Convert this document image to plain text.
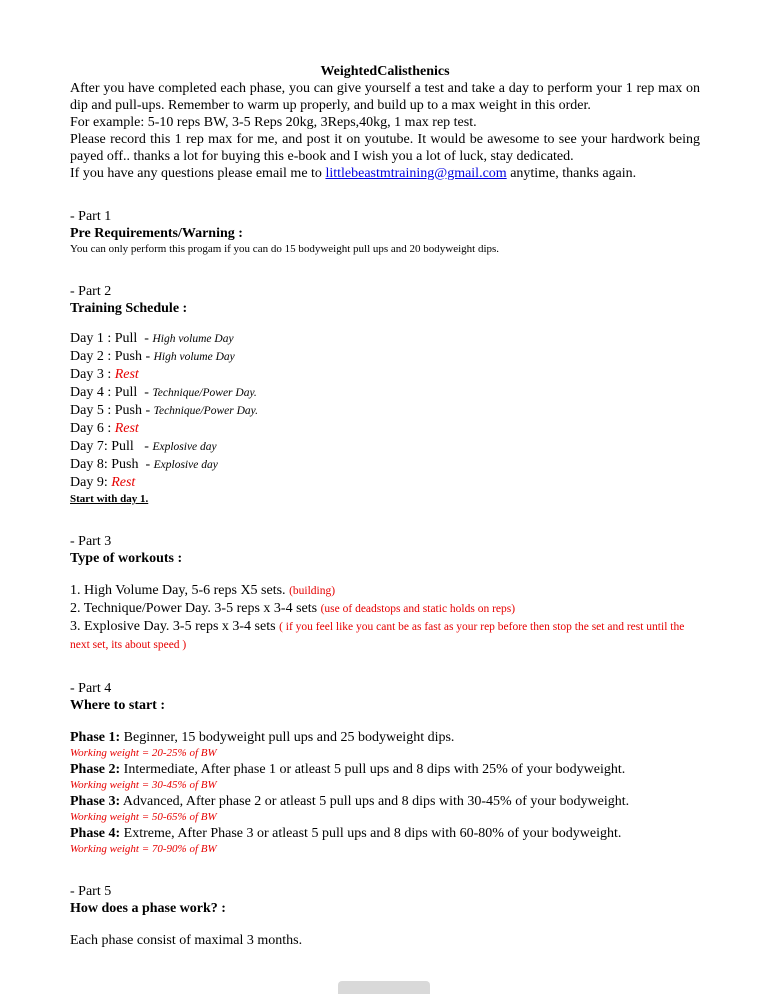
WeightedCalisthenics
After you have completed each phase, you can give yourself a test and take a day to perform your 1 rep max on dip and pull-ups. Remember to warm up properly, and build up to a max weight in this order.
For example: 5-10 reps BW, 3-5 Reps 20kg, 3Reps,40kg, 1 max rep test.
Please record this 1 rep max for me, and post it on youtube. It would be awesome to see your hardwork being payed off.. thanks a lot for buying this e-book and I wish you a lot of luck, stay dedicated.
If you have any questions please email me to littlebeastmtraining@gmail.com anytime, thanks again.
- Part 1
Pre Requirements/Warning :
You can only perform this progam if you can do 15 bodyweight pull ups and 20 bodyweight dips.
- Part 2
Training Schedule :
Day 1 : Pull  - High volume Day
Day 2 : Push - High volume Day
Day 3 : Rest
Day 4 : Pull  - Technique/Power Day.
Day 5 : Push - Technique/Power Day.
Day 6 : Rest
Day 7: Pull   - Explosive day
Day 8: Push  - Explosive day
Day 9: Rest
Start with day 1.
- Part 3
Type of workouts :
1. High Volume Day, 5-6 reps X5 sets. (building)
2. Technique/Power Day. 3-5 reps x 3-4 sets (use of deadstops and static holds on reps)
3. Explosive Day. 3-5 reps x 3-4 sets ( if you feel like you cant be as fast as your rep before then stop the set and rest until the next set, its about speed )
- Part 4
Where to start :
Phase 1: Beginner, 15 bodyweight pull ups and 25 bodyweight dips.
Working weight = 20-25% of BW
Phase 2: Intermediate, After phase 1 or atleast 5 pull ups and 8 dips with 25% of your bodyweight.
Working weight = 30-45% of BW
Phase 3: Advanced, After phase 2 or atleast 5 pull ups and 8 dips with 30-45% of your bodyweight.
Working weight = 50-65% of BW
Phase 4: Extreme, After Phase 3 or atleast 5 pull ups and 8 dips with 60-80% of your bodyweight.
Working weight = 70-90% of BW
- Part 5
How does a phase work? :
Each phase consist of maximal 3 months.
